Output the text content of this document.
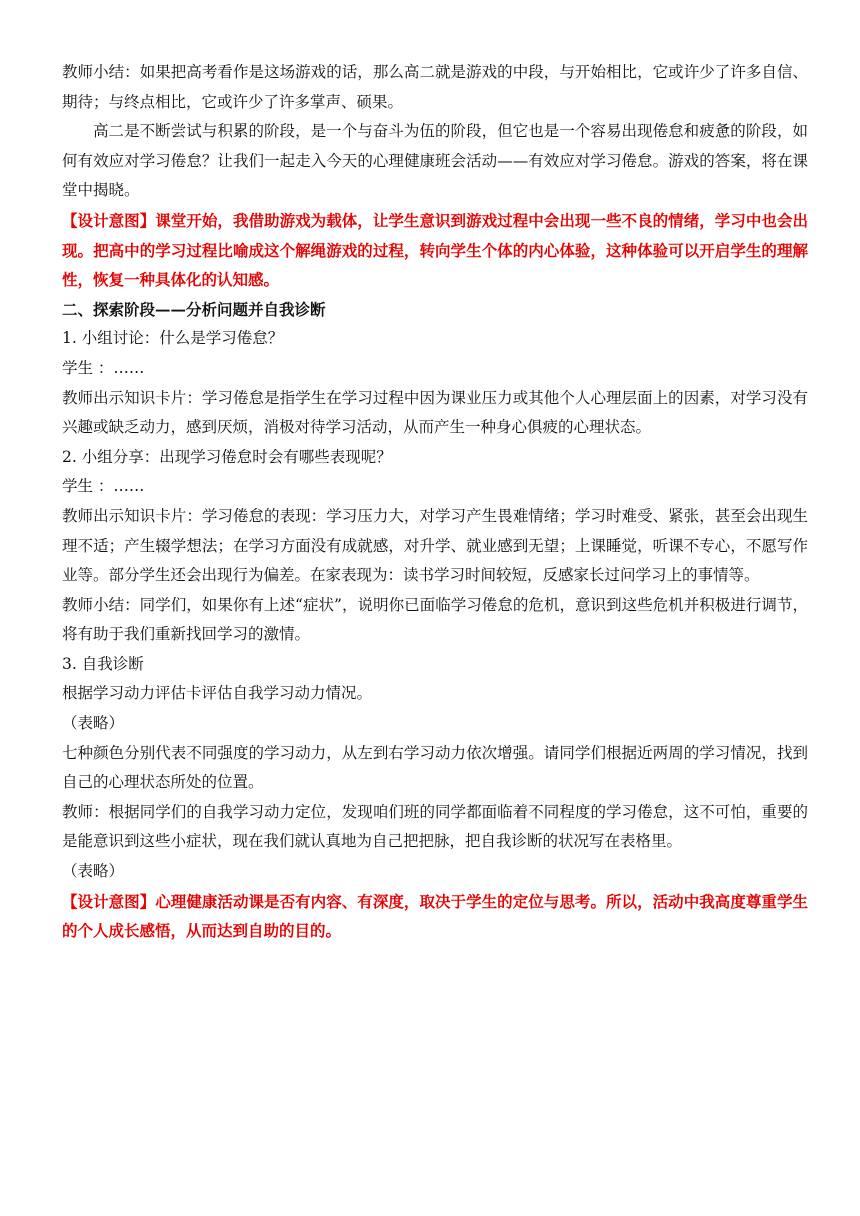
教师小结：如果把高考看作是这场游戏的话，那么高二就是游戏的中段，与开始相比，它或许少了许多自信、期待；与终点相比，它或许少了许多掌声、硕果。

高二是不断尝试与积累的阶段，是一个与奋斗为伍的阶段，但它也是一个容易出现倦怠和疲惫的阶段，如何有效应对学习倦怠？让我们一起走入今天的心理健康班会活动——有效应对学习倦怠。游戏的答案，将在课堂中揭晓。

【设计意图】课堂开始，我借助游戏为载体，让学生意识到游戏过程中会出现一些不良的情绪，学习中也会出现。把高中的学习过程比喻成这个解绳游戏的过程，转向学生个体的内心体验，这种体验可以开启学生的理解性，恢复一种具体化的认知感。

二、探索阶段——分析问题并自我诊断

1. 小组讨论：什么是学习倦怠？

学生 ：……

教师出示知识卡片：学习倦怠是指学生在学习过程中因为课业压力或其他个人心理层面上的因素，对学习没有兴趣或缺乏动力，感到厌烦，消极对待学习活动，从而产生一种身心俱疲的心理状态。

2. 小组分享：出现学习倦怠时会有哪些表现呢？

学生 ：……

教师出示知识卡片：学习倦怠的表现：学习压力大，对学习产生畏难情绪；学习时难受、紧张，甚至会出现生理不适；产生辍学想法；在学习方面没有成就感，对升学、就业感到无望；上课睡觉，听课不专心，不愿写作业等。部分学生还会出现行为偏差。在家表现为：读书学习时间较短，反感家长过问学习上的事情等。

教师小结：同学们，如果你有上述“症状”，说明你已面临学习倦怠的危机，意识到这些危机并积极进行调节，将有助于我们重新找回学习的激情。

3. 自我诊断

根据学习动力评估卡评估自我学习动力情况。

（表略）

七种颜色分别代表不同强度的学习动力，从左到右学习动力依次增强。请同学们根据近两周的学习情况，找到自己的心理状态所处的位置。

教师：根据同学们的自我学习动力定位，发现咱们班的同学都面临着不同程度的学习倦怠，这不可怕，重要的是能意识到这些小症状，现在我们就认真地为自己把把脉，把自我诊断的状况写在表格里。

（表略）

【设计意图】心理健康活动课是否有内容、有深度，取决于学生的定位与思考。所以，活动中我高度尊重学生的个人成长感悟，从而达到自助的目的。
